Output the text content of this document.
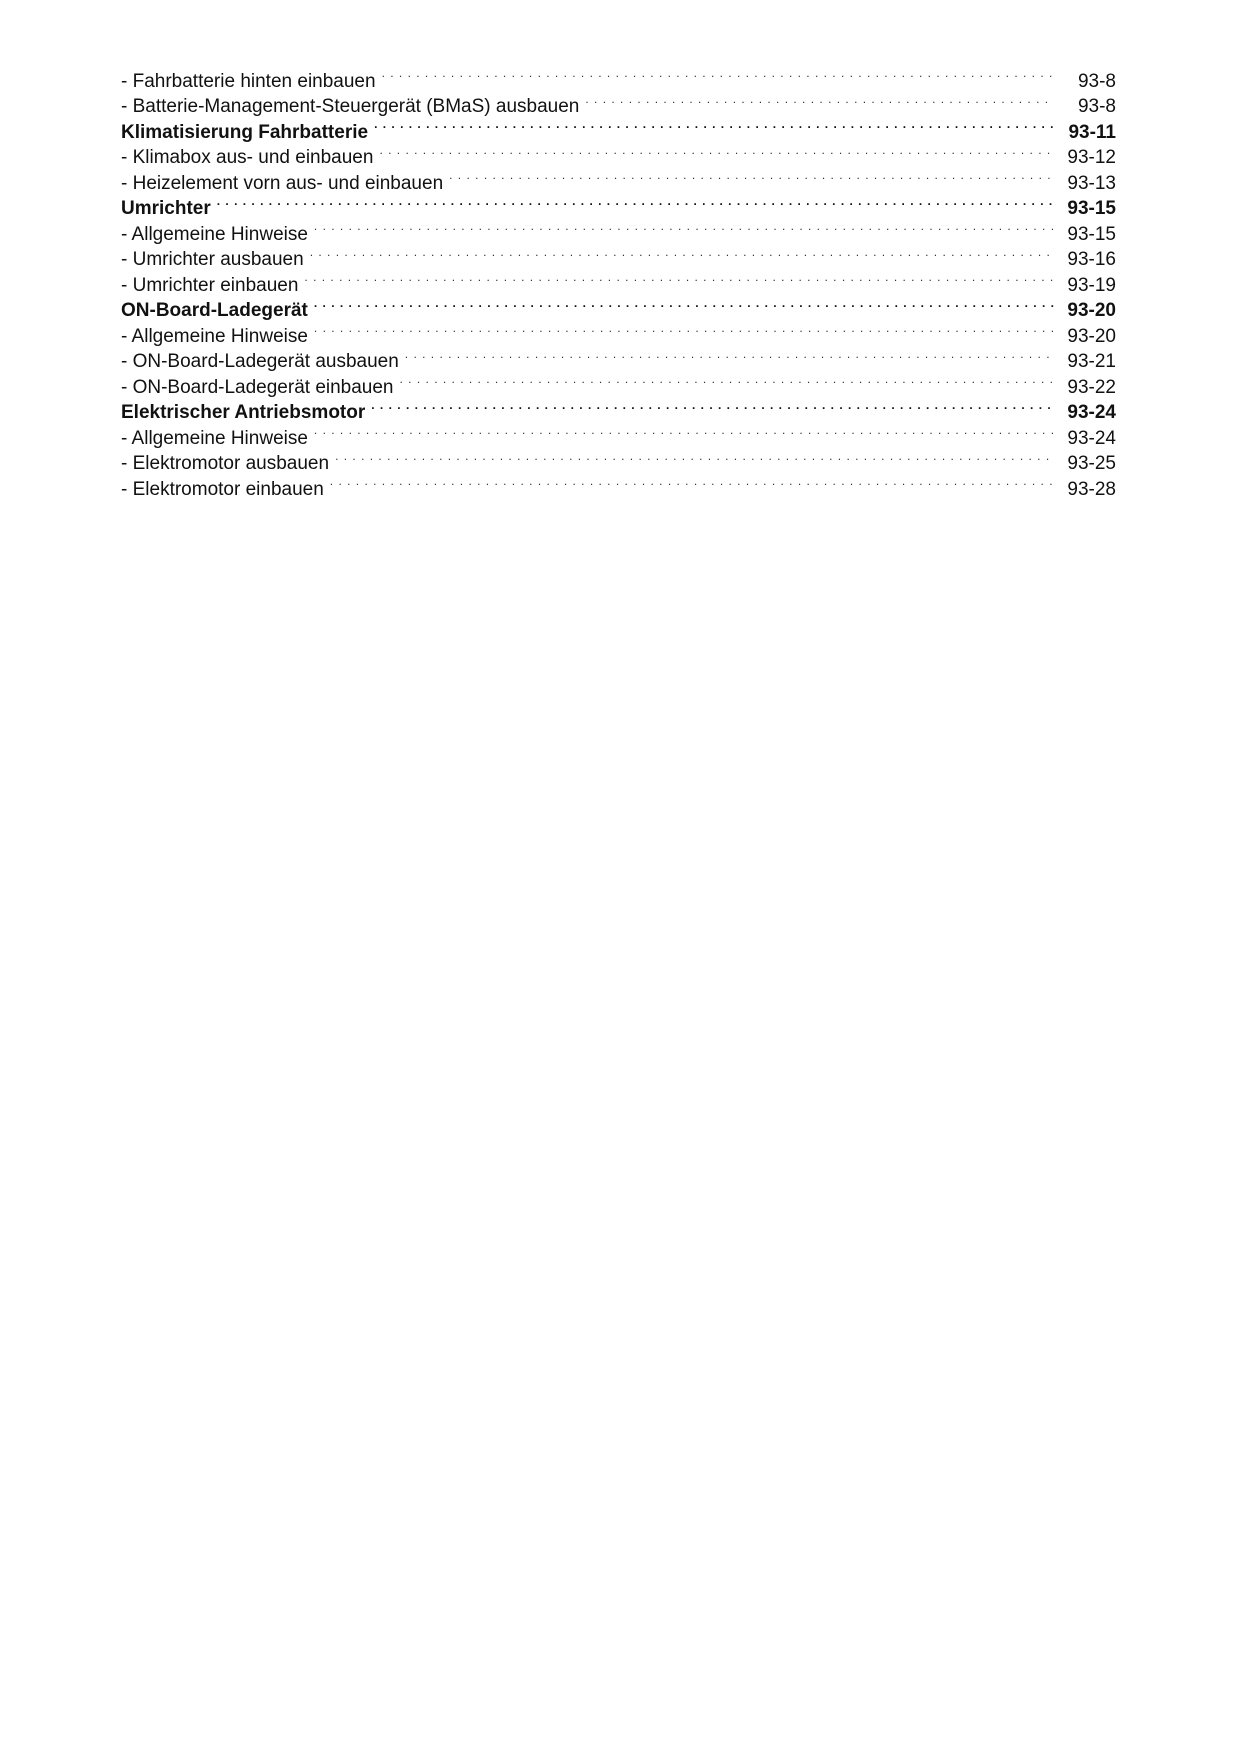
- Fahrbatterie hinten einbauen . . .	93-8
- Batterie-Management-Steuergerät (BMaS) ausbauen . . .	93-8
Klimatisierung Fahrbatterie . . .	93-11
- Klimabox aus- und einbauen . . .	93-12
- Heizelement vorn aus- und einbauen . . .	93-13
Umrichter . . .	93-15
- Allgemeine Hinweise . . .	93-15
- Umrichter ausbauen . . .	93-16
- Umrichter einbauen . . .	93-19
ON-Board-Ladegerät . . .	93-20
- Allgemeine Hinweise . . .	93-20
- ON-Board-Ladegerät ausbauen . . .	93-21
- ON-Board-Ladegerät einbauen . . .	93-22
Elektrischer Antriebsmotor . . .	93-24
- Allgemeine Hinweise . . .	93-24
- Elektromotor ausbauen . . .	93-25
- Elektromotor einbauen . . .	93-28
